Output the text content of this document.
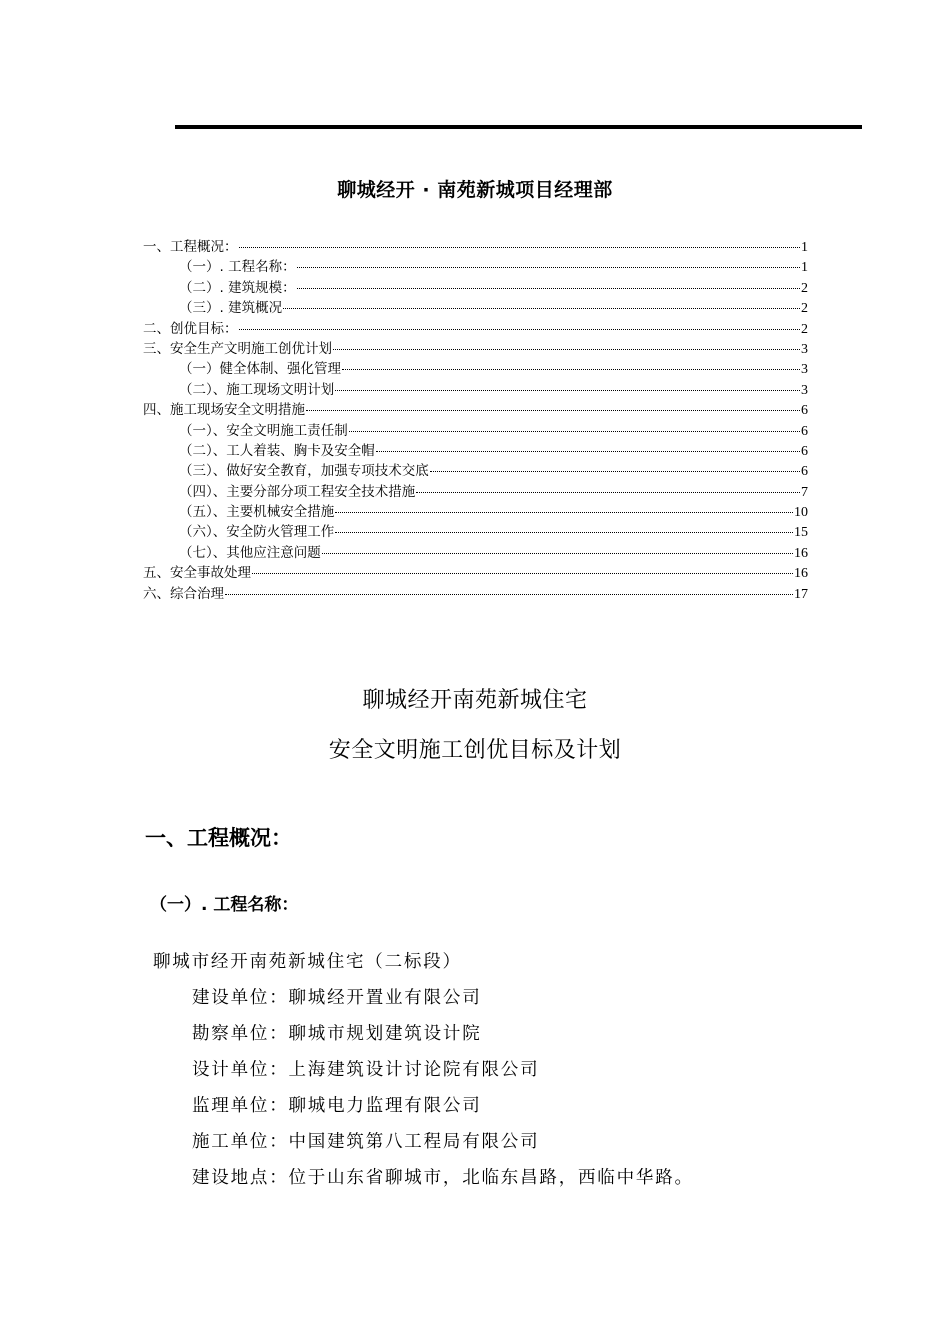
聊城经开 · 南苑新城项目经理部
一、工程概况：	1
（一）. 工程名称：	1
（二）. 建筑规模：	2
（三）. 建筑概况	2
二、创优目标：	2
三、安全生产文明施工创优计划	3
（一）健全体制、强化管理	3
（二）、施工现场文明计划	3
四、施工现场安全文明措施	6
（一）、安全文明施工责任制	6
（二）、工人着装、胸卡及安全帽	6
（三）、做好安全教育，加强专项技术交底	6
（四）、主要分部分项工程安全技术措施	7
（五）、主要机械安全措施	10
（六）、安全防火管理工作	15
（七）、其他应注意问题	16
五、安全事故处理	16
六、综合治理	17
聊城经开南苑新城住宅
安全文明施工创优目标及计划
一、工程概况：
（一）. 工程名称：
聊城市经开南苑新城住宅（二标段）
建设单位：聊城经开置业有限公司
勘察单位：聊城市规划建筑设计院
设计单位：上海建筑设计讨论院有限公司
监理单位：聊城电力监理有限公司
施工单位：中国建筑第八工程局有限公司
建设地点：位于山东省聊城市，北临东昌路，西临中华路。
